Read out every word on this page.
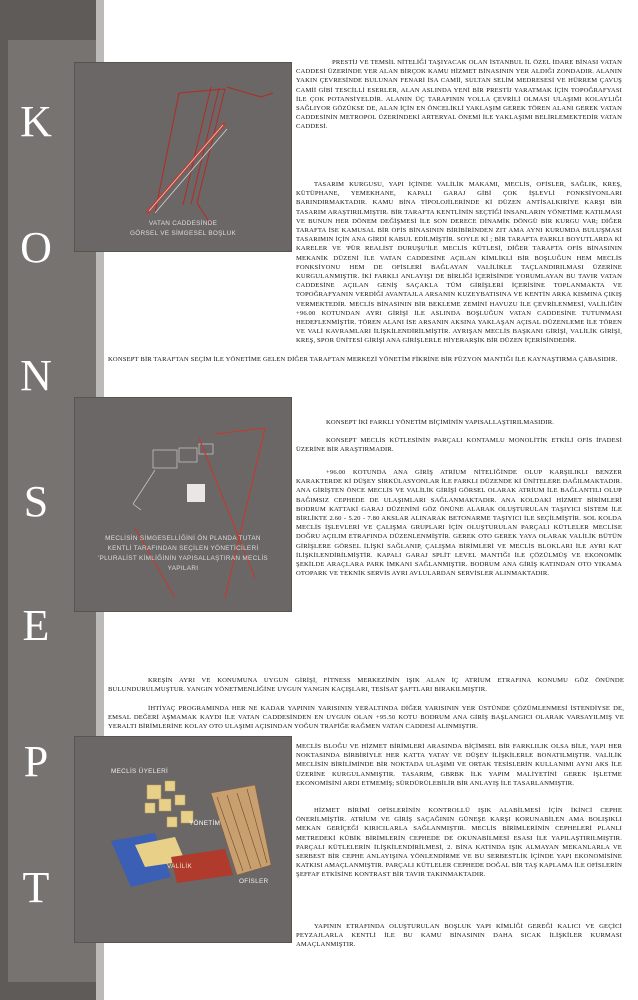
K
O
N
S
E
P
T
VATAN CADDESİNDE
GÖRSEL VE SİMGESEL BOŞLUK
MECLİSİN SİMGESELLİĞİNİ ÖN PLANDA TUTAN KENTLİ TARAFINDAN SEÇİLEN YÖNETİCİLERİ 'PLURALİST KİMLİĞİNİN YAPISALLAŞTIRAN MECLİS YAPILARI
MECLİS ÜYELERİ
VALİLİK
YÖNETİM
OFİSLER

PRESTİJ VE TEMSİL NİTELİĞİ TAŞIYACAK OLAN İSTANBUL İL ÖZEL İDARE BİNASI VATAN CADDESİ ÜZERİNDE YER ALAN BİRÇOK KAMU HİZMET BİNASININ YER ALDIĞI ZONDADIR. ALANIN YAKIN ÇEVRESİNDE BULUNAN FENARİ İSA CAMİİ, SULTAN SELİM MEDRESESİ VE HÜRREM ÇAVUŞ CAMİİ GİBİ TESCİLLİ ESERLER, ALAN ASLINDA YENİ BİR PRESTİJ YARATMAK İÇİN TOPOĞRAFYASI İLE ÇOK POTANSİYELDİR. ALANIN ÜÇ TARAFININ YOLLA ÇEVRİLİ OLMASI ULAŞIMI KOLAYLIĞI SAĞLIYOR GÖZÜKSE DE, ALAN İÇİN EN ÖNCELİKLİ YAKLAŞIM GEREK TÖREN ALANI GEREK VATAN CADDESİNİN METROPOL ÜZERİNDEKİ ARTERYAL ÖNEMİ İLE YAKLAŞIMI BELİRLEMEKTEDİR VATAN CADDESİ.

TASARIM KURGUSU, YAPI İÇİNDE VALİLİK MAKAMI, MECLİS, OFİSLER, SAĞLIK, KREŞ, KÜTÜPHANE, YEMEKHANE, KAPALI GARAJ GİBİ ÇOK İŞLEVLİ FONKSİYONLARI BARINDIRMAKTADIR. KAMU BİNA TİPOLOJİLERİNDE Kİ DÜZEN ANTİSALKIRİYE KARŞI BİR TASARIM ARAŞTIRILMIŞTIR. BİR TARAFTA KENTLİNİN SEÇTİĞİ İNSANLARIN YÖNETİME KATILMASI VE BUNUN HER DÖNEM DEĞİŞMESİ İLE SON DERECE DİNAMİK DÖNGÜ BİR KURGU VAR; DİĞER TARAFTA İSE KAMUSAL BİR OFİS BİNASININ BİRİBİRİNDEN ZIT AMA AYNI KURUMDA BULUŞMASI TASARIMIN İÇİN ANA GİRDİ KABUL EDİLMİŞTİR. SOYLE Kİ ; BİR TARAFTA FARKLI BOYUTLARDA Kİ KARELER VE 'PÜR REALİST DURUŞU'İLE MECLİS KÜTLESİ, DİĞER TARAFTA OFİS BİNASININ MEKANİK DÜZENİ İLE VATAN CADDESİNE AÇILAN KİMLİKLİ BİR BOŞLUĞUN HEM MECLİS FONKSİYONU HEM DE OFİSLERİ BAĞLAYAN VALİLİKLE TAÇLANDIRILMASI ÜZERİNE KURGULANMIŞTIR. İKİ FARKLI ANLAYIŞI DE BİRLİĞİ İÇERİSİNDE YORUMLAYAN BU TAVIR VATAN CADDESİNE AÇILAN GENİŞ SAÇAKLA TÜM GİRİŞLERİ İÇERİSİNE TOPLANMAKTA VE TOPOĞRAFYANIN VERDİĞİ AVANTAJLA ARSANIN KUZEYBATISINA VE KENTİN ARKA KISMINA ÇIKIŞ VERMEKTEDİR. MECLİS BİNASININ BİR BEKLEME ZEMİNİ HAVUZU İLE ÇEVRİLENMESİ, VALİLİĞİN +96.00 KOTUNDAN AYRI GİRİŞİ İLE ASLINDA BOŞLUĞUN VATAN CADDESİNE TUTUNMASI HEDEFLENMİŞTİR. TÖREN ALANI İSE ARSANIN AKSINA YAKLAŞAN AÇISAL DÜZENLEME İLE TÖREN VE VALİ KAVRAMLARI İLİŞKİLENDİRİLMİŞTİR. AYRIŞAN MECLİS BAŞKANI GİRİŞİ, VALİLİK GİRİŞİ, KREŞ, SPOR ÜNİTESİ GİRİŞİ ANA GİRİŞLERLE HİYERARŞİK BİR DÜZEN İÇERİSİNDEDİR.

KONSEPT BİR TARAFTAN SEÇİM İLE YÖNETİME GELEN DİĞER TARAFTAN MERKEZİ YÖNETİM FİKRİNE BİR FÜZYON MANTIĞI İLE KAYNAŞTIRMA ÇABASIDIR.

KONSEPT İKİ FARKLI YÖNETİM BİÇİMİNİN YAPISALLAŞTIRILMASIDIR.

KONSEPT MECLİS KÜTLESİNİN PARÇALI KONTAMLU MONOLİTİK ETKİLİ OFİS İFADESİ ÜZERİNE BİR ARAŞTIRMADIR.

+96.00 KOTUNDA ANA GİRİŞ ATRİUM NİTELİĞİNDE OLUP KARŞILIKLI BENZER KARAKTERDE Kİ DÜŞEY SİRKÜLASYONLAR İLE FARKLI DÜZENDE Kİ ÜNİTELERE DAĞILMAKTADIR. ANA GİRİŞTEN ÖNCE MECLİS VE VALİLİK GİRİŞİ GÖRSEL OLARAK ATRİUM İLE BAĞLANTILI OLUP BAĞIMSIZ CEPHEDE DE ULAŞIMLARI SAĞLANMAKTADIR. ANA KOLDAKİ HİZMET BİRİMLERİ BODRUM KATTAKİ GARAJ DÜZENİNİ GÖZ ÖNÜNE ALARAK OLUŞTURULAN TAŞIYICI SİSTEM İLE BİRLİKTE 2.60 - 5.20 - 7.80 AKSLAR ALINARAK BETONARME TAŞIYICI İLE SEÇİLMİŞTİR. SOL KOLDA MECLİS İŞLEVLERİ VE ÇALIŞMA GRUPLARI İÇİN OLUŞTURULAN PARÇALI KÜTLELER MECLİSE DOĞRU AÇILIM ETRAFINDA DÜZENLENMİŞTİR. GEREK OTO GEREK YAYA OLARAK VALİLİK BÜTÜN GİRİŞLERE GÖRSEL İLİŞKİ SAĞLANIP, ÇALIŞMA BİRİMLERİ VE MECLİS BLOKLARI İLE AYRI KAT İLİŞKİLENDİRİLMİŞTİR. KAPALI GARAJ SPLİT LEVEL MANTIĞI İLE ÇÖZÜLMÜŞ VE EKONOMİK ŞEKİLDE ARAÇLARA PARK İMKANI SAĞLANMIŞTIR. BODRUM ANA GİRİŞ KATINDAN OTO YIKAMA OTOPARK VE TEKNİK SERVİS AYRI AVLULARDAN SERVİSLER ALINMAKTADIR.

KREŞİN AYRI VE KONUMUNA UYGUN GİRİŞİ, FİTNESS MERKEZİNİN IŞIK ALAN İÇ ATRİUM ETRAFINA KONUMU GÖZ ÖNÜNDE BULUNDURULMUŞTUR. YANGIN YÖNETMENLİĞİNE UYGUN YANGIN KAÇIŞLARI, TESİSAT ŞAFTLARI BIRAKILMIŞTIR.

İHTİYAÇ PROGRAMINDA HER NE KADAR YAPININ YARISININ YERALTINDA DİĞER YARISININ YER ÜSTÜNDE ÇÖZÜMLENMESİ İSTENDİYSE DE, EMSAL DEĞERİ AŞMAMAK KAYDI İLE VATAN CADDESİNDEN EN UYGUN OLAN +95.50 KOTU BODRUM ANA GİRİŞ BAŞLANGICI OLARAK VARSAYILMIŞ VE YERALTI BİRİMLERİNE KOLAY OTO ULAŞIMI AÇISINDAN YOĞUN TRAFİĞE RAĞMEN VATAN CADDESİ ALINMIŞTIR.

MECLİS BLOĞU VE HİZMET BİRİMLERİ ARASINDA BİÇİMSEL BİR FARKLILIK OLSA BİLE, YAPI HER NOKTASINDA BİRBİRİYLE HER KATTA YATAY VE DÜŞEY İLİŞKİLERLE BONATILMIŞTIR. VALİLİK MECLİSİN BİRİLİMİNDE BİR NOKTADA ULAŞIMI VE ORTAK TESİSLERİN KULLANIMI AYNI AKS İLE ÜZERİNE KURGULANMIŞTIR. TASARIM, GBRBK İLK YAPIM MALİYETİNİ GEREK İŞLETME EKONOMİSİNİ ARDI ETMEMİŞ; SÜRDÜRÜLEBİLİR BİR ANLAYIŞ İLE TASARLANMIŞTIR.

HİZMET BİRİMİ OFİSLERİNİN KONTROLLÜ IŞIK ALABİLMESİ İÇİN İKİNCİ CEPHE ÖNERİLMİŞTİR. ATRİUM VE GİRİŞ SAÇAĞININ GÜNEŞE KARŞI KORUNABİLEN AMA BOLIŞIKLI MEKAN GERİÇEĞİ KIRICILARLA SAĞLANMIŞTIR. MECLİS BİRİMLERİNİN CEPHELERİ PLANLI METREDEKİ KÜBİK BİRİMLERİN CEPHEDE DE OKUNABİLMESİ ESASI İLE YAPILAŞTIRILMIŞTIR. PARÇALI KÜTLELERİN İLİŞKİLENDİRİLMESİ, 2. BİNA KATINDA IŞIK ALMAYAN MEKANLARLA VE SERBEST BİR CEPHE ANLAYIŞINA YÖNLENDİRME VE BU SERBESTLİK İÇİNDE YAPI EKONOMİSİNE KATKISI AMAÇLANMIŞTIR. PARÇALI KÜTLELER CEPHEDE DOĞAL BİR TAŞ KAPLAMA İLE OFİSLERİN ŞEFFAF ETKİSİNE KONTRAST BİR TAVIR TAKINMAKTADIR.

YAPININ ETRAFINDA OLUŞTURULAN BOŞLUK YAPI KİMLİĞİ GEREĞİ KALICI VE GEÇİCİ PEYZAJLARLA KENTLİ İLE BU KAMU BİNASININ DAHA SICAK İLİŞKİLER KURMASI AMAÇLANMIŞTIR.
